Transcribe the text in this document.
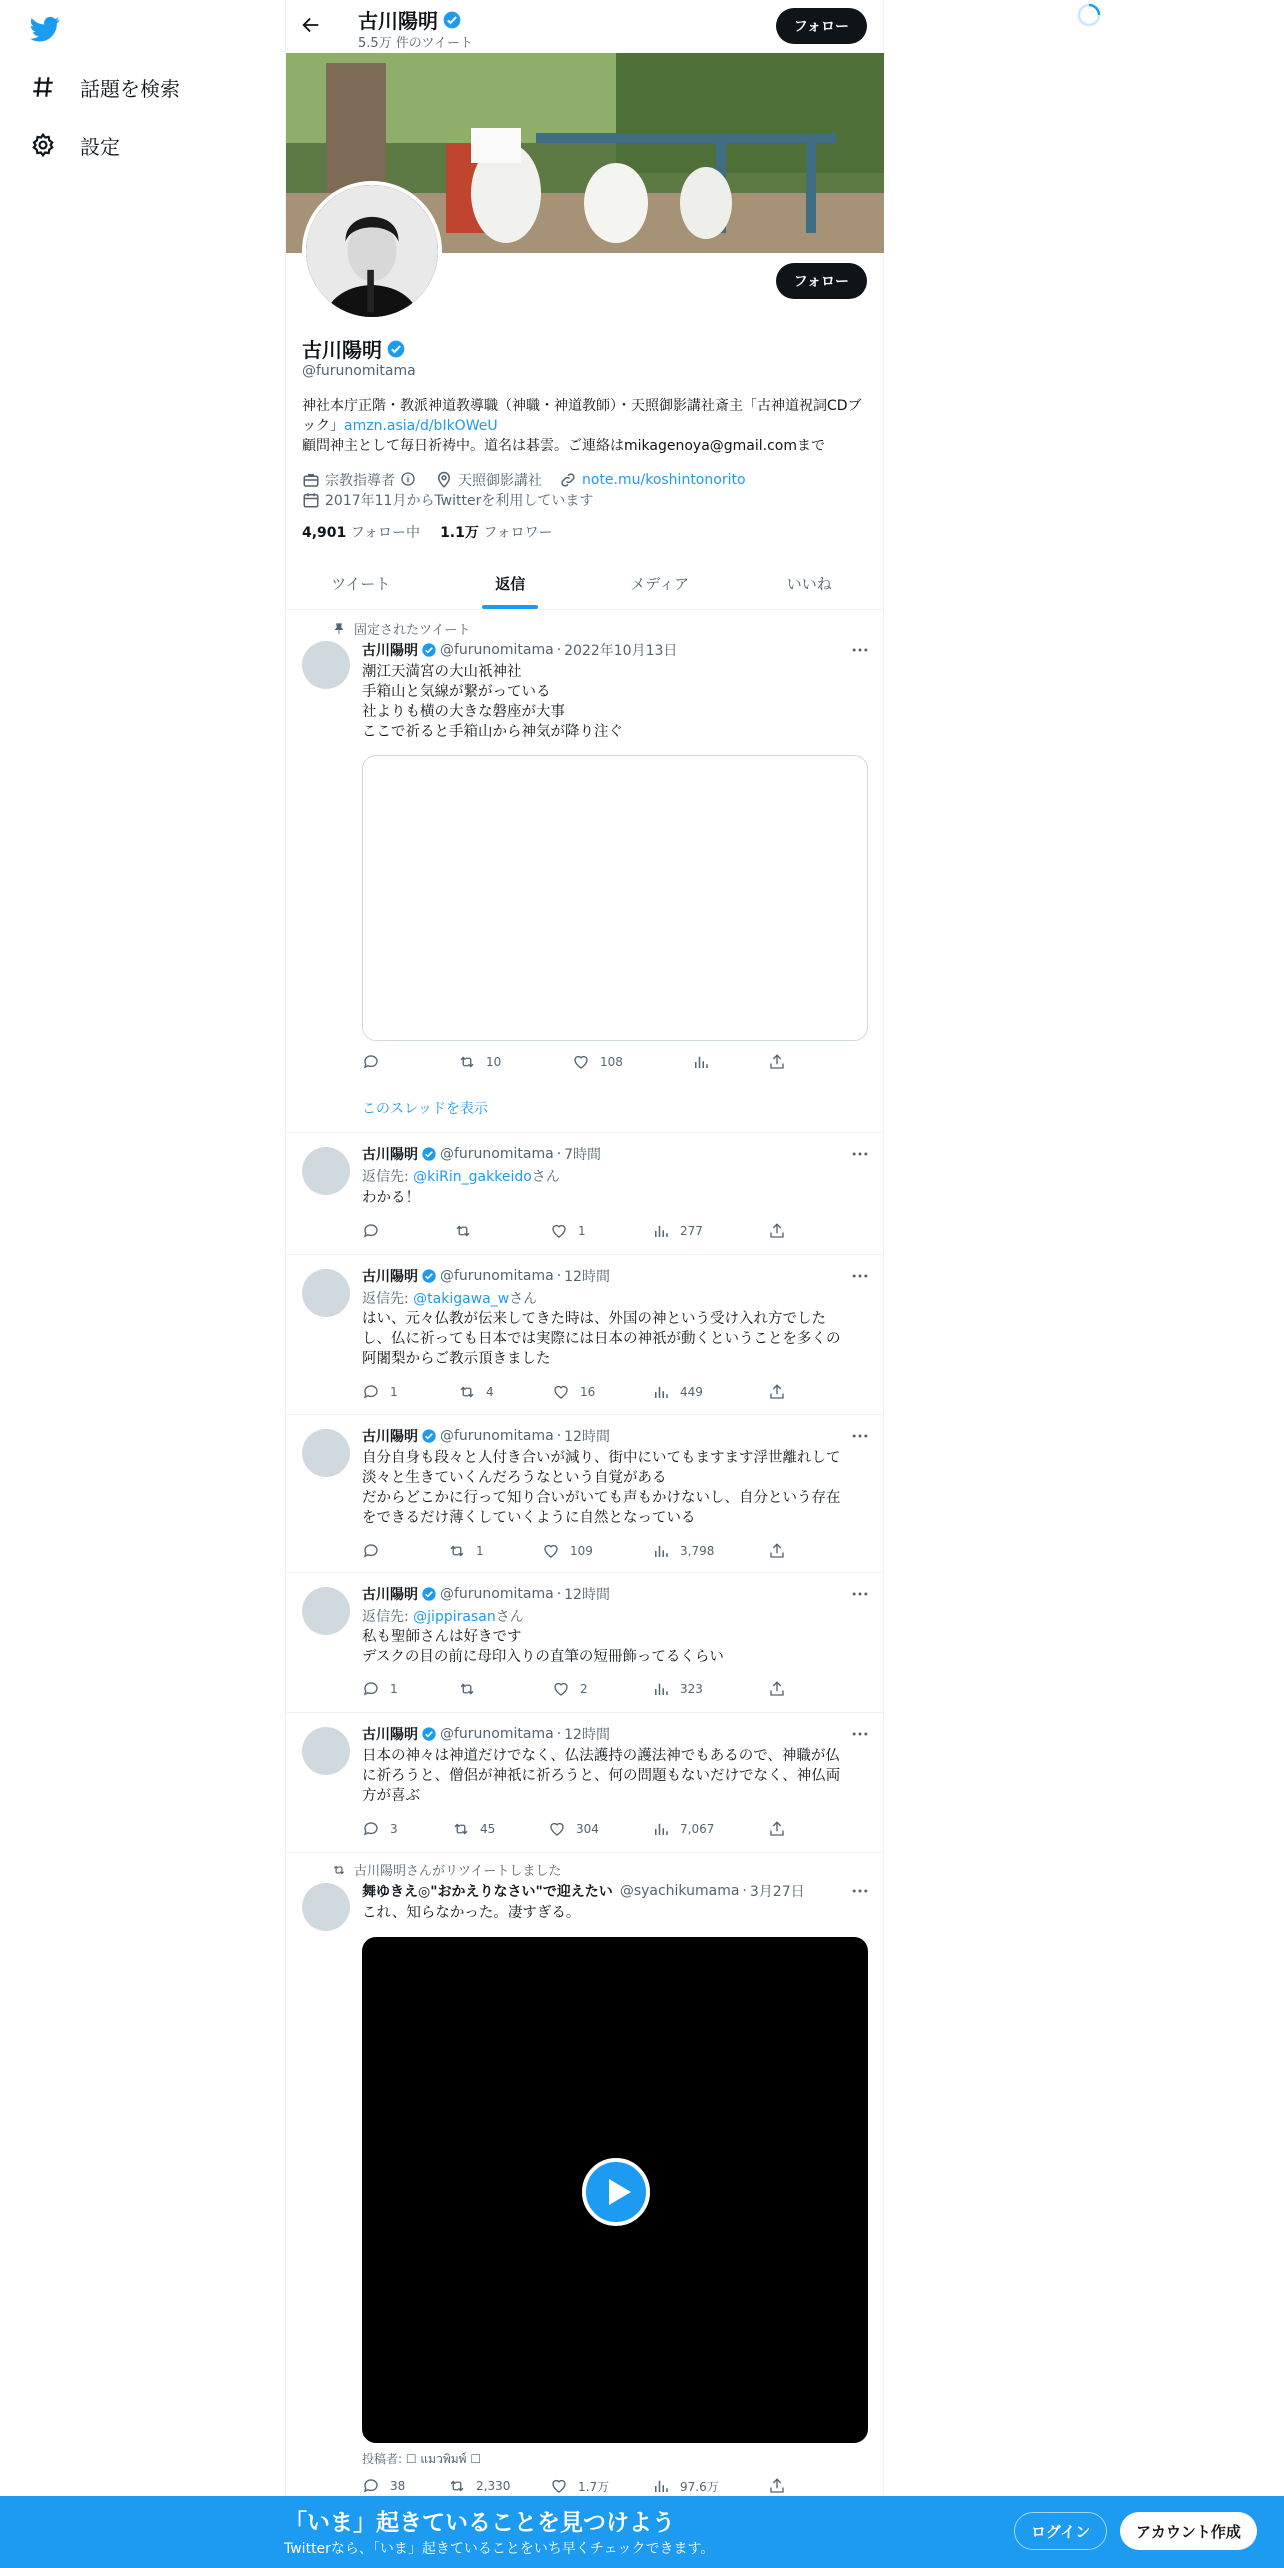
話題を検索
設定
古川陽明
5.5万 件のツイート
フォロー
フォロー
古川陽明
@furunomitama
神社本庁正階・教派神道教導職（神職・神道教師）・天照御影講社斎主「古神道祝詞CDブック」amzn.asia/d/bIkOWeU
顧問神主として毎日祈祷中。道名は碁雲。ご連絡はmikagenoya@gmail.comまで
宗教指導者	天照御影講社	note.mu/koshintonorito
2017年11月からTwitterを利用しています
4,901 フォロー中 1.1万 フォロワー
ツイート	返信	メディア	いいね
固定されたツイート
古川陽明 @furunomitama · 2022年10月13日
潮江天満宮の大山祇神社
手箱山と気線が繋がっている
社よりも横の大きな磐座が大事
ここで祈ると手箱山から神気が降り注ぐ
10	108
このスレッドを表示
古川陽明 @furunomitama · 7時間
返信先: @kiRin_gakkeidoさん
わかる！
1	277
古川陽明 @furunomitama · 12時間
返信先: @takigawa_wさん
はい、元々仏教が伝来してきた時は、外国の神という受け入れ方でした
し、仏に祈っても日本では実際には日本の神祇が動くということを多くの
阿闍梨からご教示頂きました
1	4	16	449
古川陽明 @furunomitama · 12時間
自分自身も段々と人付き合いが減り、街中にいてもますます浮世離れして
淡々と生きていくんだろうなという自覚がある
だからどこかに行って知り合いがいても声もかけないし、自分という存在
をできるだけ薄くしていくように自然となっている
1	109	3,798
古川陽明 @furunomitama · 12時間
返信先: @jippirasanさん
私も聖師さんは好きです
デスクの目の前に母印入りの直筆の短冊飾ってるくらい
1	2	323
古川陽明 @furunomitama · 12時間
日本の神々は神道だけでなく、仏法護持の護法神でもあるので、神職が仏
に祈ろうと、僧侶が神祇に祈ろうと、何の問題もないだけでなく、神仏両
方が喜ぶ
3	45	304	7,067
古川陽明さんがリツイートしました
舞ゆきえ◎"おかえりなさい"で迎えたい @syachikumama · 3月27日
これ、知らなかった。凄すぎる。
投稿者: ☐ แมวพิมพ์ ☐
38	2,330	1.7万	97.6万
「いま」起きていることを見つけよう
Twitterなら、「いま」起きていることをいち早くチェックできます。
ログイン	アカウント作成
